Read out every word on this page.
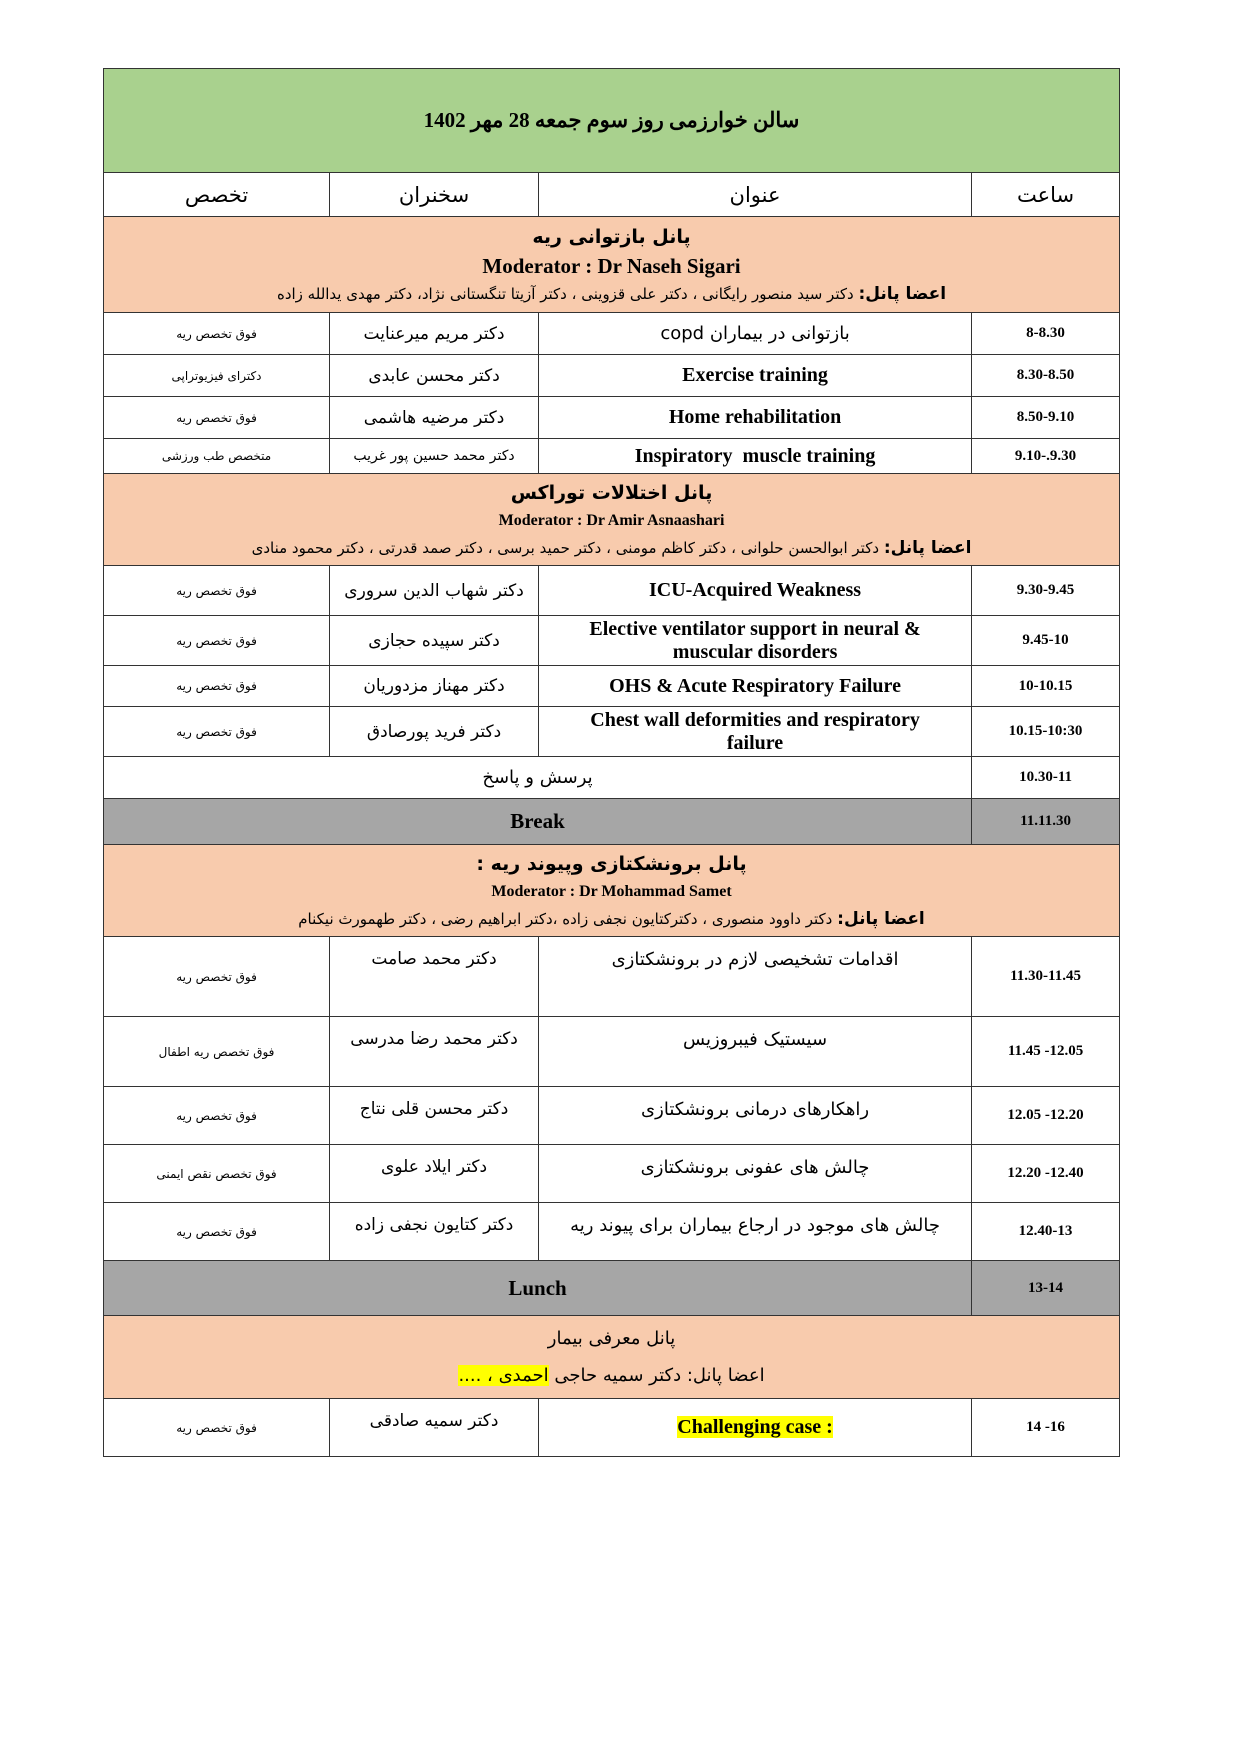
سالن خوارزمی روز سوم جمعه 28 مهر 1402			
ساعت	عنوان	سخنران	تخصص

پانل بازتوانی ریه
Moderator : Dr Naseh Sigari
اعضا پانل: دکتر سید منصور رایگانی ، دکتر علی قزوینی ، دکتر آزیتا تنگستانی نژاد، دکتر مهدی یدالله زاده			

8-8.30	بازتوانی در بیماران copd	دکتر مریم میرعنایت	فوق تخصص ریه
8.30-8.50	Exercise training	دکتر محسن عابدی	دکترای فیزیوتراپی
8.50-9.10	Home rehabilitation	دکتر مرضیه هاشمی	فوق تخصص ریه
9.10-.9.30	Inspiratory  muscle training	دکتر محمد حسین پور غریب	متخصص طب ورزشی

پانل اختلالات توراکس
Moderator : Dr Amir Asnaashari
اعضا پانل: دکتر ابوالحسن حلوانی ، دکتر کاظم مومنی ، دکتر حمید برسی ، دکتر صمد قدرتی ، دکتر محمود منادی			

9.30-9.45	ICU-Acquired Weakness	دکتر شهاب الدین سروری	فوق تخصص ریه
9.45-10	Elective ventilator support in neural & muscular disorders	دکتر سپیده حجازی	فوق تخصص ریه
10-10.15	OHS & Acute Respiratory Failure	دکتر مهناز مزدوریان	فوق تخصص ریه
10.15-10:30	Chest wall deformities and respiratory failure	دکتر فرید پورصادق	فوق تخصص ریه
10.30-11	پرسش و پاسخ		
11.11.30	Break		

پانل برونشکتازی وپیوند ریه :
Moderator : Dr Mohammad Samet
اعضا پانل: دکتر داوود منصوری ، دکترکتایون نجفی زاده ،دکتر ابراهیم رضی ، دکتر طهمورث نیکنام			

11.30-11.45	اقدامات تشخیصی لازم در برونشکتازی	دکتر محمد صامت	فوق تخصص ریه
11.45 -12.05	سیستیک فیبروزیس	دکتر محمد رضا مدرسی	فوق تخصص ریه اطفال
12.05 -12.20	راهکارهای درمانی برونشکتازی	دکتر محسن قلی نتاج	فوق تخصص ریه
12.20 -12.40	چالش های عفونی برونشکتازی	دکتر ایلاد علوی	فوق تخصص نقص ایمنی
12.40-13	چالش های موجود در ارجاع بیماران برای پیوند ریه	دکتر کتایون نجفی زاده	فوق تخصص ریه
13-14	Lunch		

پانل معرفی بیمار
اعضا پانل: دکتر سمیه حاجی احمدی ، ....			

14 -16	Challenging case :	دکتر سمیه صادقی	فوق تخصص ریه
